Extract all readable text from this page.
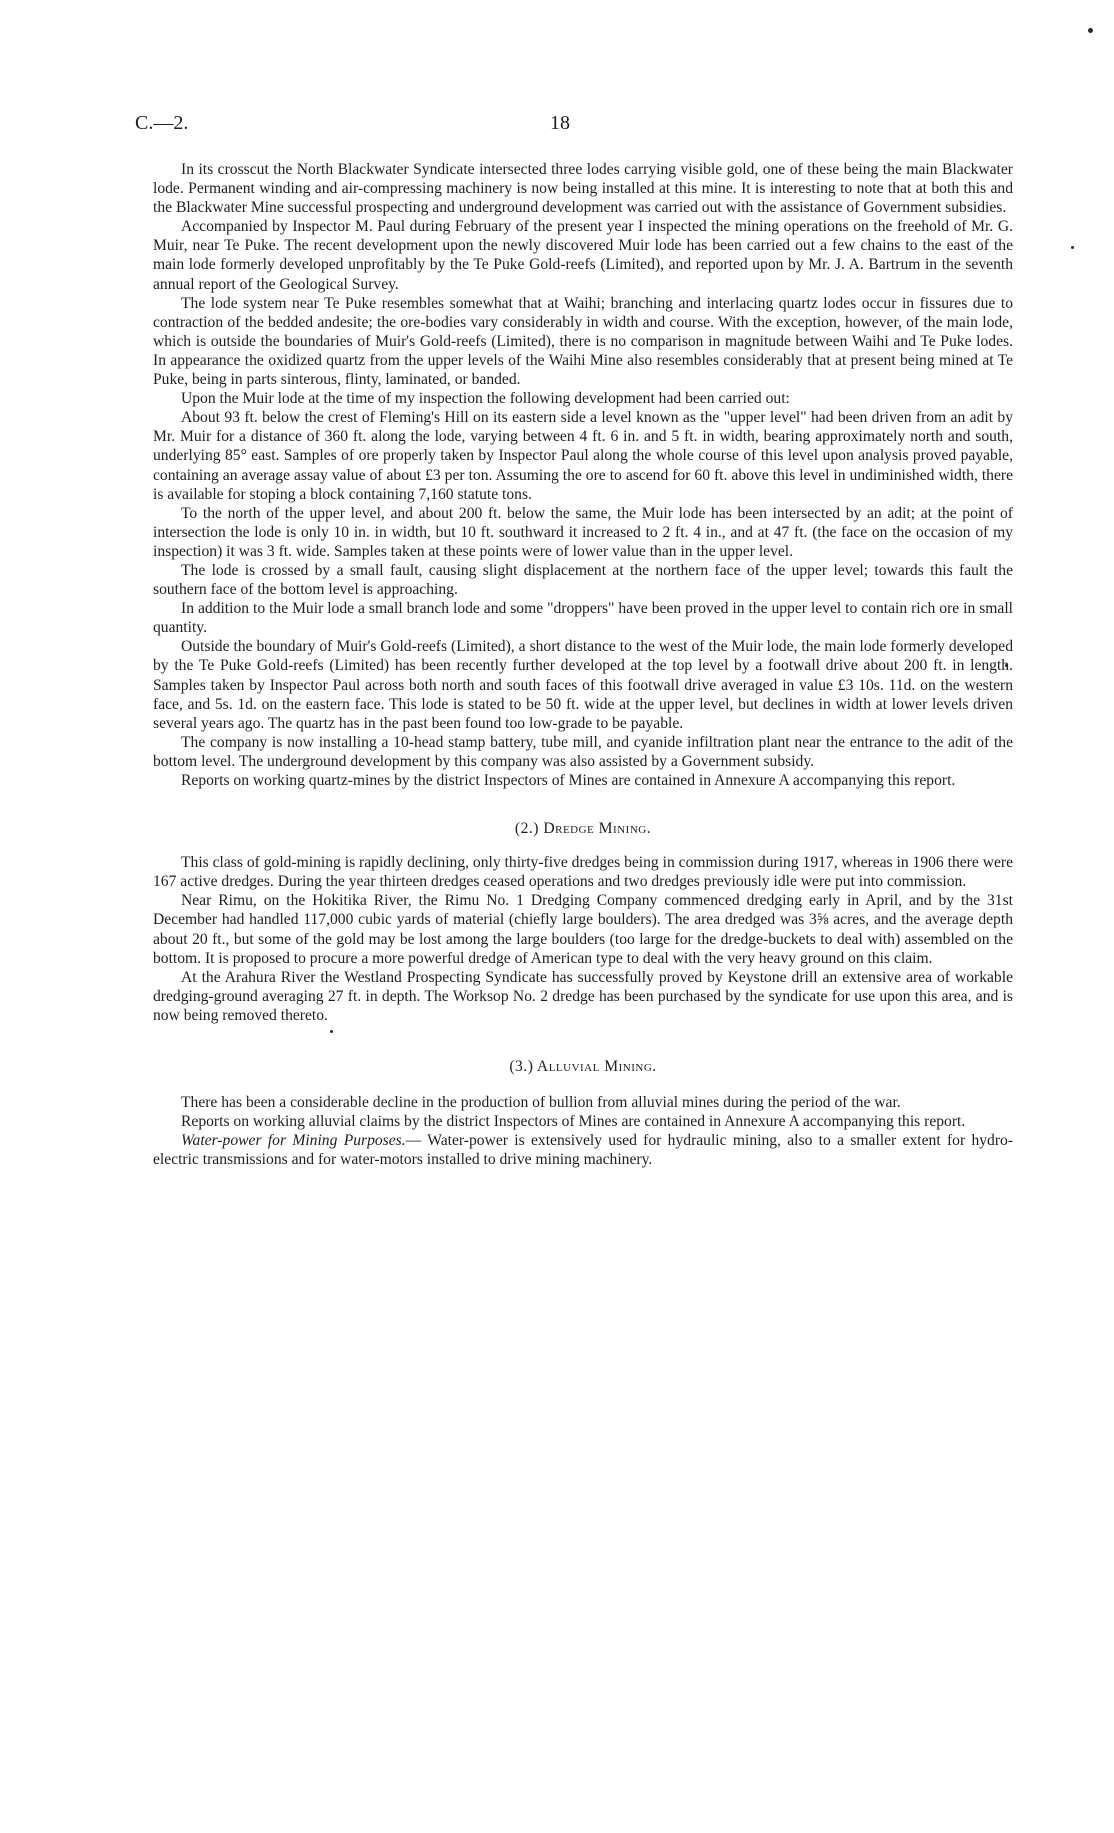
C.—2.	18

In its crosscut the North Blackwater Syndicate intersected three lodes carrying visible gold, one of these being the main Blackwater lode. Permanent winding and air-compressing machinery is now being installed at this mine. It is interesting to note that at both this and the Blackwater Mine successful prospecting and underground development was carried out with the assistance of Government subsidies.

Accompanied by Inspector M. Paul during February of the present year I inspected the mining operations on the freehold of Mr. G. Muir, near Te Puke. The recent development upon the newly discovered Muir lode has been carried out a few chains to the east of the main lode formerly developed unprofitably by the Te Puke Gold-reefs (Limited), and reported upon by Mr. J. A. Bartrum in the seventh annual report of the Geological Survey.

The lode system near Te Puke resembles somewhat that at Waihi; branching and interlacing quartz lodes occur in fissures due to contraction of the bedded andesite; the ore-bodies vary considerably in width and course. With the exception, however, of the main lode, which is outside the boundaries of Muir's Gold-reefs (Limited), there is no comparison in magnitude between Waihi and Te Puke lodes. In appearance the oxidized quartz from the upper levels of the Waihi Mine also resembles considerably that at present being mined at Te Puke, being in parts sinterous, flinty, laminated, or banded.

Upon the Muir lode at the time of my inspection the following development had been carried out:

About 93 ft. below the crest of Fleming's Hill on its eastern side a level known as the "upper level" had been driven from an adit by Mr. Muir for a distance of 360 ft. along the lode, varying between 4 ft. 6 in. and 5 ft. in width, bearing approximately north and south, underlying 85° east. Samples of ore properly taken by Inspector Paul along the whole course of this level upon analysis proved payable, containing an average assay value of about £3 per ton. Assuming the ore to ascend for 60 ft. above this level in undiminished width, there is available for stoping a block containing 7,160 statute tons.

To the north of the upper level, and about 200 ft. below the same, the Muir lode has been intersected by an adit; at the point of intersection the lode is only 10 in. in width, but 10 ft. southward it increased to 2 ft. 4 in., and at 47 ft. (the face on the occasion of my inspection) it was 3 ft. wide. Samples taken at these points were of lower value than in the upper level.

The lode is crossed by a small fault, causing slight displacement at the northern face of the upper level; towards this fault the southern face of the bottom level is approaching.

In addition to the Muir lode a small branch lode and some "droppers" have been proved in the upper level to contain rich ore in small quantity.

Outside the boundary of Muir's Gold-reefs (Limited), a short distance to the west of the Muir lode, the main lode formerly developed by the Te Puke Gold-reefs (Limited) has been recently further developed at the top level by a footwall drive about 200 ft. in length. Samples taken by Inspector Paul across both north and south faces of this footwall drive averaged in value £3 10s. 11d. on the western face, and 5s. 1d. on the eastern face. This lode is stated to be 50 ft. wide at the upper level, but declines in width at lower levels driven several years ago. The quartz has in the past been found too low-grade to be payable.

The company is now installing a 10-head stamp battery, tube mill, and cyanide infiltration plant near the entrance to the adit of the bottom level. The underground development by this company was also assisted by a Government subsidy.

Reports on working quartz-mines by the district Inspectors of Mines are contained in Annexure A accompanying this report.

(2.) Dredge Mining.

This class of gold-mining is rapidly declining, only thirty-five dredges being in commission during 1917, whereas in 1906 there were 167 active dredges. During the year thirteen dredges ceased operations and two dredges previously idle were put into commission.

Near Rimu, on the Hokitika River, the Rimu No. 1 Dredging Company commenced dredging early in April, and by the 31st December had handled 117,000 cubic yards of material (chiefly large boulders). The area dredged was 3⅝ acres, and the average depth about 20 ft., but some of the gold may be lost among the large boulders (too large for the dredge-buckets to deal with) assembled on the bottom. It is proposed to procure a more powerful dredge of American type to deal with the very heavy ground on this claim.

At the Arahura River the Westland Prospecting Syndicate has successfully proved by Keystone drill an extensive area of workable dredging-ground averaging 27 ft. in depth. The Worksop No. 2 dredge has been purchased by the syndicate for use upon this area, and is now being removed thereto.

(3.) Alluvial Mining.

There has been a considerable decline in the production of bullion from alluvial mines during the period of the war.

Reports on working alluvial claims by the district Inspectors of Mines are contained in Annexure A accompanying this report.

Water-power for Mining Purposes.— Water-power is extensively used for hydraulic mining, also to a smaller extent for hydro-electric transmissions and for water-motors installed to drive mining machinery.
